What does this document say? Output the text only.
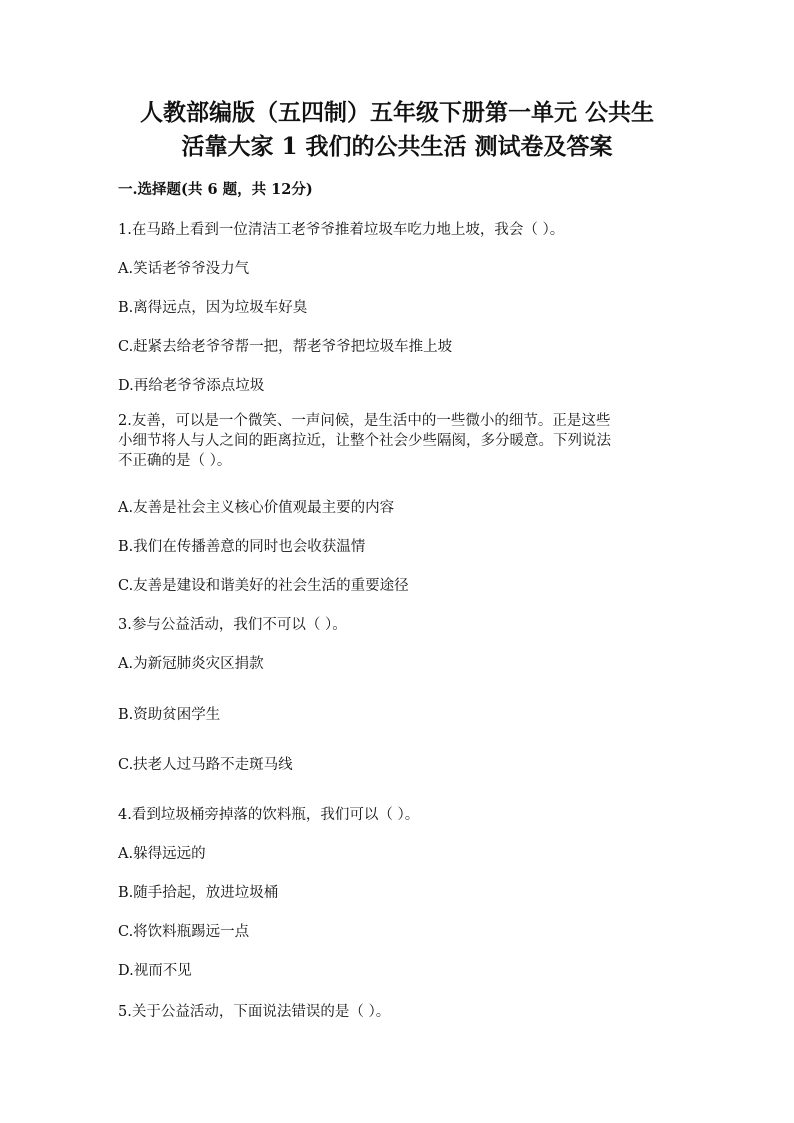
人教部编版（五四制）五年级下册第一单元 公共生
活靠大家 1 我们的公共生活 测试卷及答案

一.选择题(共 6 题，共 12分)

1.在马路上看到一位清洁工老爷爷推着垃圾车吃力地上坡，我会（ ）。

A.笑话老爷爷没力气

B.离得远点，因为垃圾车好臭

C.赶紧去给老爷爷帮一把，帮老爷爷把垃圾车推上坡

D.再给老爷爷添点垃圾

2.友善，可以是一个微笑、一声问候，是生活中的一些微小的细节。正是这些
小细节将人与人之间的距离拉近，让整个社会少些隔阂，多分暖意。下列说法
不正确的是（ ）。

A.友善是社会主义核心价值观最主要的内容

B.我们在传播善意的同时也会收获温情

C.友善是建设和谐美好的社会生活的重要途径

3.参与公益活动，我们不可以（ ）。

A.为新冠肺炎灾区捐款

B.资助贫困学生

C.扶老人过马路不走斑马线

4.看到垃圾桶旁掉落的饮料瓶，我们可以（ ）。

A.躲得远远的

B.随手拾起，放进垃圾桶

C.将饮料瓶踢远一点

D.视而不见

5.关于公益活动，下面说法错误的是（ ）。
